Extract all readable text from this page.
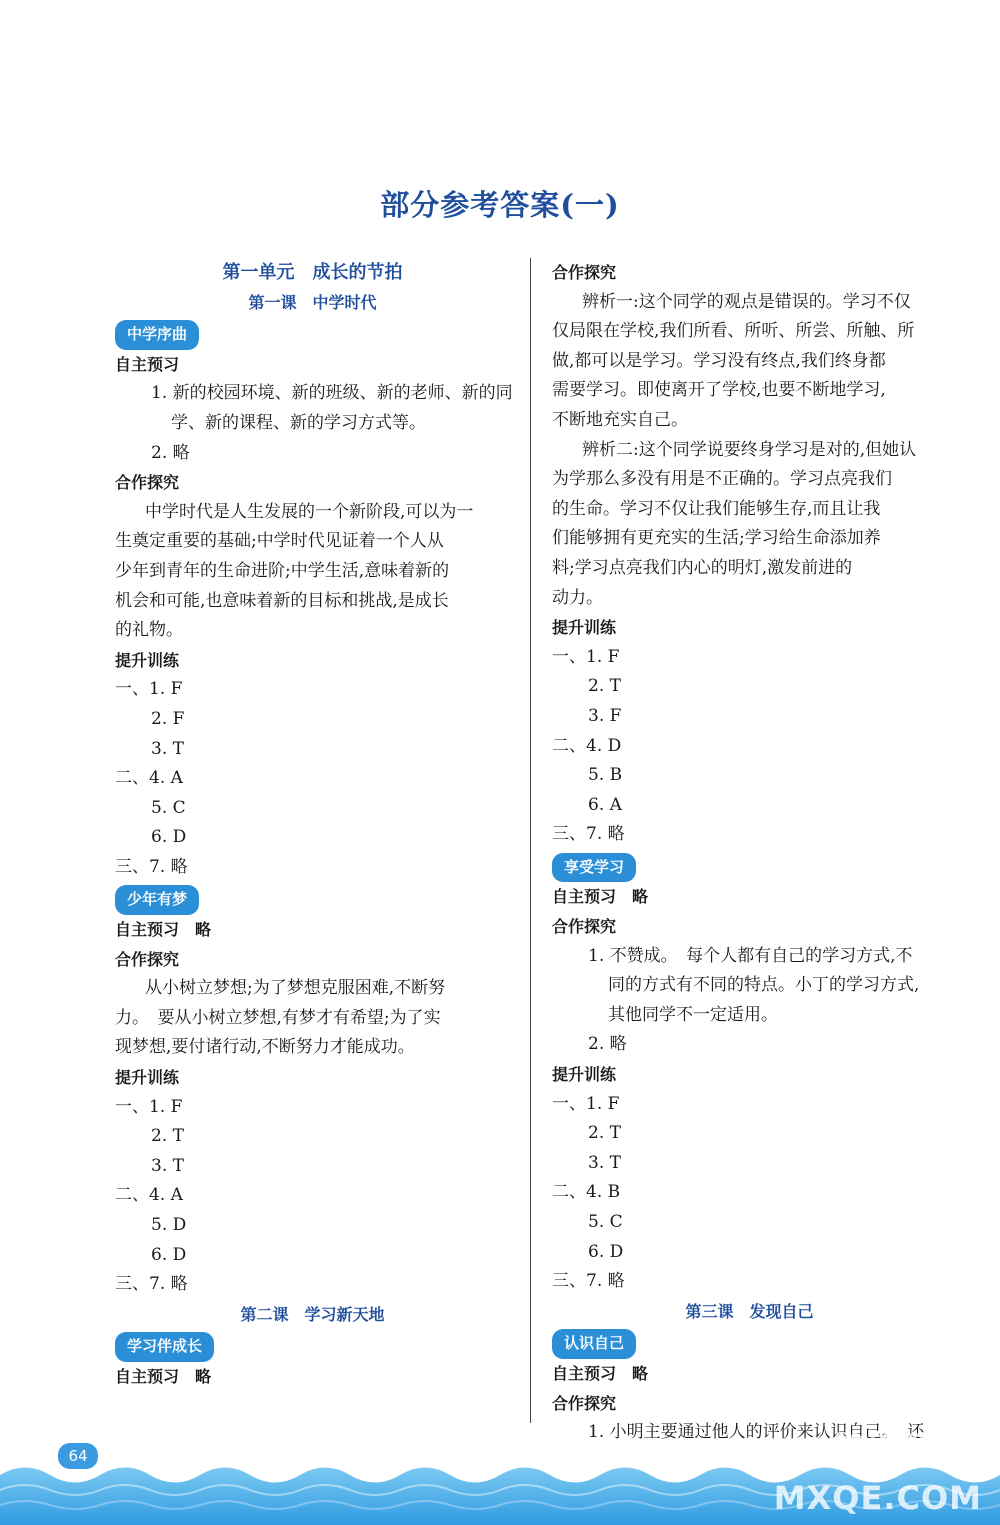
部分参考答案(一)
第一单元　成长的节拍
第一课　中学时代
中学序曲
自主预习
1. 新的校园环境、新的班级、新的老师、新的同
学、新的课程、新的学习方式等。
2. 略
合作探究
中学时代是人生发展的一个新阶段,可以为一
生奠定重要的基础;中学时代见证着一个人从
少年到青年的生命进阶;中学生活,意味着新的
机会和可能,也意味着新的目标和挑战,是成长
的礼物。
提升训练
一、1. F
2. F
3. T
二、4. A
5. C
6. D
三、7. 略
少年有梦
自主预习　略
合作探究
从小树立梦想;为了梦想克服困难,不断努
力。　要从小树立梦想,有梦才有希望;为了实
现梦想,要付诸行动,不断努力才能成功。
提升训练
一、1. F
2. T
3. T
二、4. A
5. D
6. D
三、7. 略
第二课　学习新天地
学习伴成长
自主预习　略
合作探究
辨析一:这个同学的观点是错误的。学习不仅
仅局限在学校,我们所看、所听、所尝、所触、所
做,都可以是学习。学习没有终点,我们终身都
需要学习。即使离开了学校,也要不断地学习,
不断地充实自己。
辨析二:这个同学说要终身学习是对的,但她认
为学那么多没有用是不正确的。学习点亮我们
的生命。学习不仅让我们能够生存,而且让我
们能够拥有更充实的生活;学习给生命添加养
料;学习点亮我们内心的明灯,激发前进的
动力。
提升训练
一、1. F
2. T
3. F
二、4. D
5. B
6. A
三、7. 略
享受学习
自主预习　略
合作探究
1. 不赞成。　每个人都有自己的学习方式,不
同的方式有不同的特点。小丁的学习方式,
其他同学不一定适用。
2. 略
提升训练
一、1. F
2. T
3. T
二、4. B
5. C
6. D
三、7. 略
第三课　发现自己
认识自己
自主预习　略
合作探究
1. 小明主要通过他人的评价来认识自己。　还
64	答案圈
MXQE.COM
